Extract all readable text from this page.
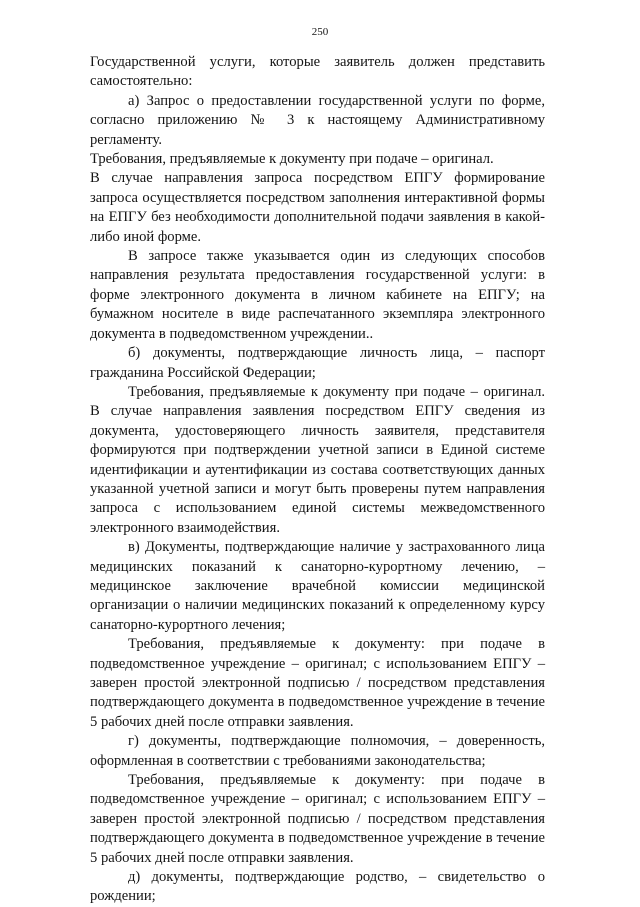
250

Государственной услуги, которые заявитель должен представить самостоятельно:

а) Запрос о предоставлении государственной услуги по форме, согласно приложению № 3 к настоящему Административному регламенту.

Требования, предъявляемые к документу при подаче – оригинал.

В случае направления запроса посредством ЕПГУ формирование запроса осуществляется посредством заполнения интерактивной формы на ЕПГУ без необходимости дополнительной подачи заявления в какой-либо иной форме.

В запросе также указывается один из следующих способов направления результата предоставления государственной услуги: в форме электронного документа в личном кабинете на ЕПГУ; на бумажном носителе в виде распечатанного экземпляра электронного документа в подведомственном учреждении..

б) документы, подтверждающие личность лица, – паспорт гражданина Российской Федерации;

Требования, предъявляемые к документу при подаче – оригинал. В случае направления заявления посредством ЕПГУ сведения из документа, удостоверяющего личность заявителя, представителя формируются при подтверждении учетной записи в Единой системе идентификации и аутентификации из состава соответствующих данных указанной учетной записи и могут быть проверены путем направления запроса с использованием единой системы межведомственного электронного взаимодействия.

в) Документы, подтверждающие наличие у застрахованного лица медицинских показаний к санаторно-курортному лечению, – медицинское заключение врачебной комиссии медицинской организации о наличии медицинских показаний к определенному курсу санаторно-курортного лечения;

Требования, предъявляемые к документу: при подаче в подведомственное учреждение – оригинал; с использованием ЕПГУ – заверен простой электронной подписью / посредством представления подтверждающего документа в подведомственное учреждение в течение 5 рабочих дней после отправки заявления.

г) документы, подтверждающие полномочия, – доверенность, оформленная в соответствии с требованиями законодательства;

Требования, предъявляемые к документу: при подаче в подведомственное учреждение – оригинал; с использованием ЕПГУ – заверен простой электронной подписью / посредством представления подтверждающего документа в подведомственное учреждение в течение 5 рабочих дней после отправки заявления.

д) документы, подтверждающие родство, – свидетельство о рождении;
